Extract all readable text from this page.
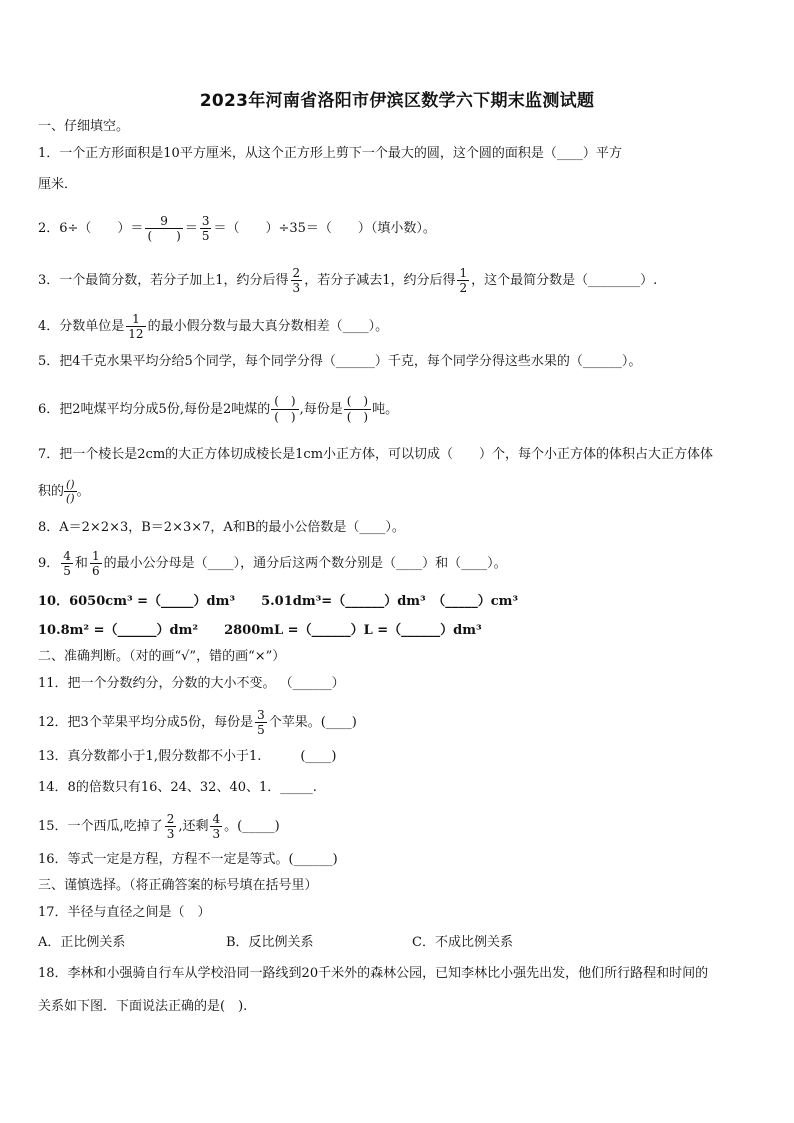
2023年河南省洛阳市伊滨区数学六下期末监测试题
一、仔细填空。
1．一个正方形面积是10平方厘米，从这个正方形上剪下一个最大的圆，这个圆的面积是（____）平方
厘米．
2．6÷（　　）＝ $\frac{9}{( )} = \frac{3}{5}$ ＝（　　）÷35＝（　　）（填小数）。
3．一个最简分数，若分子加上1，约分后得 $\frac{2}{3}$ ，若分子减去1，约分后得 $\frac{1}{2}$ ，这个最简分数是（________）.
4．分数单位是 $\frac{1}{12}$ 的最小假分数与最大真分数相差（____）。
5．把4千克水果平均分给5个同学，每个同学分得（______）千克，每个同学分得这些水果的（______）。
6．把2吨煤平均分成5份,每份是2吨煤的 $\frac{( )}{( )}$ ,每份是 $\frac{( )}{( )}$ 吨。
7．把一个棱长是2cm的大正方体切成棱长是1cm小正方体，可以切成（　　）个，每个小正方体的体积占大正方体体
积的 $\frac{()}{()}$ 。
8．A＝2×2×3，B＝2×3×7，A和B的最小公倍数是（____）。
9． $\frac{4}{5}$ 和 $\frac{1}{6}$ 的最小公分母是（____），通分后这两个数分别是（____）和（____）。
10．6050cm³ =（_____）dm³　　5.01dm³=（______）dm³　（_____）cm³
10.8m² =（______）dm²　　2800mL =（______）L =（______）dm³
二、准确判断。（对的画“√”，错的画“×”）
11．把一个分数约分，分数的大小不变。 （______）
12．把3个苹果平均分成5份，每份是 $\frac{3}{5}$ 个苹果。(____)
13．真分数都小于1,假分数都不小于1.　　　(____)
14．8的倍数只有16、24、32、40、1．_____.
15．一个西瓜,吃掉了 $\frac{2}{3}$ ,还剩 $\frac{4}{3}$ 。(_____)
16．等式一定是方程，方程不一定是等式。(______)
三、谨慎选择。（将正确答案的标号填在括号里）
17．半径与直径之间是（　）
A．正比例关系	B．反比例关系	C．不成比例关系
18．李林和小强骑自行车从学校沿同一路线到20千米外的森林公园，已知李林比小强先出发，他们所行路程和时间的
关系如下图．下面说法正确的是(　).
